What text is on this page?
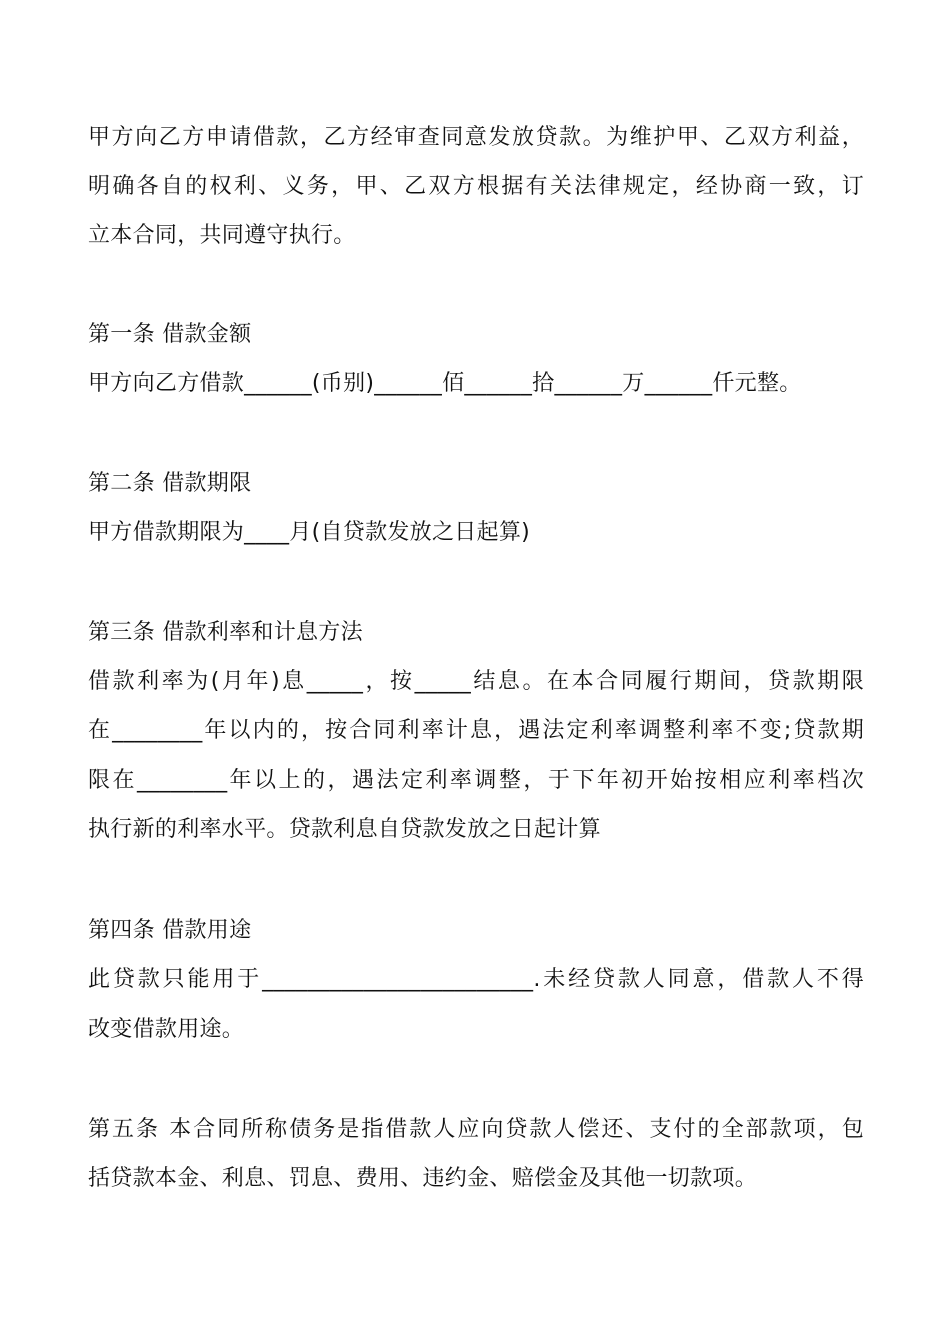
甲方向乙方申请借款，乙方经审查同意发放贷款。为维护甲、乙双方利益，
明确各自的权利、义务，甲、乙双方根据有关法律规定，经协商一致，订
立本合同，共同遵守执行。
第一条 借款金额
甲方向乙方借款______(币别)______佰______拾______万______仟元整。
第二条 借款期限
甲方借款期限为____月(自贷款发放之日起算)
第三条 借款利率和计息方法
借款利率为(月年)息_____，按_____结息。在本合同履行期间，贷款期限
在________年以内的，按合同利率计息，遇法定利率调整利率不变;贷款期
限在________年以上的，遇法定利率调整，于下年初开始按相应利率档次
执行新的利率水平。贷款利息自贷款发放之日起计算
第四条 借款用途
此贷款只能用于________________________.未经贷款人同意，借款人不得
改变借款用途。
第五条 本合同所称债务是指借款人应向贷款人偿还、支付的全部款项，包
括贷款本金、利息、罚息、费用、违约金、赔偿金及其他一切款项。
